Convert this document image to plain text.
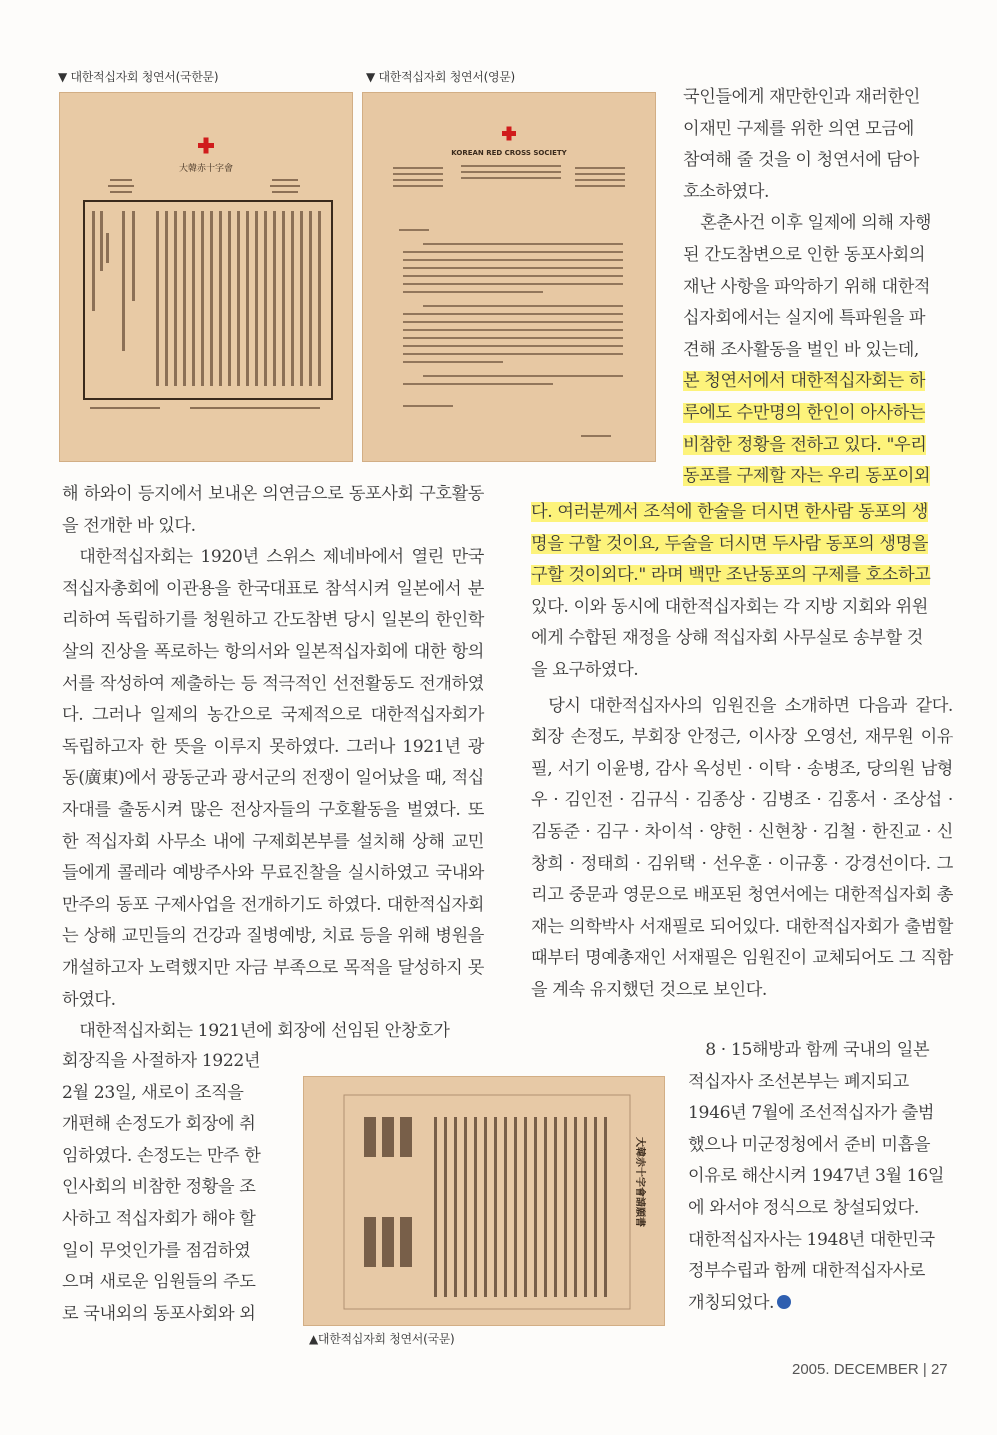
▼ 대한적십자회 청연서(국한문)	▼ 대한적십자회 청연서(영문)
大韓赤十字會
KOREAN RED CROSS SOCIETY
국인들에게 재만한인과 재러한인
이재민 구제를 위한 의연 모금에
참여해 줄 것을 이 청연서에 담아
호소하였다.
혼춘사건 이후 일제에 의해 자행
된 간도참변으로 인한 동포사회의
재난 사항을 파악하기 위해 대한적
십자회에서는 실지에 특파원을 파
견해 조사활동을 벌인 바 있는데,
본 청연서에서 대한적십자회는 하
루에도 수만명의 한인이 아사하는
비참한 정황을 전하고 있다. "우리
동포를 구제할 자는 우리 동포이외

해 하와이 등지에서 보내온 의연금으로 동포사회 구호활동을 전개한 바 있다.

대한적십자회는 1920년 스위스 제네바에서 열린 만국적십자총회에 이관용을 한국대표로 참석시켜 일본에서 분리하여 독립하기를 청원하고 간도참변 당시 일본의 한인학살의 진상을 폭로하는 항의서와 일본적십자회에 대한 항의서를 작성하여 제출하는 등 적극적인 선전활동도 전개하였다. 그러나 일제의 농간으로 국제적으로 대한적십자회가 독립하고자 한 뜻을 이루지 못하였다. 그러나 1921년 광동(廣東)에서 광동군과 광서군의 전쟁이 일어났을 때, 적십자대를 출동시켜 많은 전상자들의 구호활동을 벌였다. 또한 적십자회 사무소 내에 구제회본부를 설치해 상해 교민들에게 콜레라 예방주사와 무료진찰을 실시하였고 국내와 만주의 동포 구제사업을 전개하기도 하였다. 대한적십자회는 상해 교민들의 건강과 질병예방, 치료 등을 위해 병원을 개설하고자 노력했지만 자금 부족으로 목적을 달성하지 못하였다.

대한적십자회는 1921년에 회장에 선임된 안창호가

회장직을 사절하자 1922년
2월 23일, 새로이 조직을
개편해 손정도가 회장에 취
임하였다. 손정도는 만주 한
인사회의 비참한 정황을 조
사하고 적십자회가 해야 할
일이 무엇인가를 점검하였
으며 새로운 임원들의 주도
로 국내외의 동포사회와 외
다. 여러분께서 조석에 한술을 더시면 한사람 동포의 생
명을 구할 것이요, 두술을 더시면 두사람 동포의 생명을
구할 것이외다." 라며 백만 조난동포의 구제를 호소하고
있다. 이와 동시에 대한적십자회는 각 지방 지회와 위원
에게 수합된 재정을 상해 적십자회 사무실로 송부할 것
을 요구하였다.

당시 대한적십자사의 임원진을 소개하면 다음과 같다. 회장 손정도, 부회장 안정근, 이사장 오영선, 재무원 이유필, 서기 이윤병, 감사 옥성빈 · 이탁 · 송병조, 당의원 남형우 · 김인전 · 김규식 · 김종상 · 김병조 · 김홍서 · 조상섭 · 김동준 · 김구 · 차이석 · 양헌 · 신현창 · 김철 · 한진교 · 신창희 · 정태희 · 김위택 · 선우훈 · 이규홍 · 강경선이다. 그리고 중문과 영문으로 배포된 청연서에는 대한적십자회 총재는 의학박사 서재필로 되어있다. 대한적십자회가 출범할 때부터 명예총재인 서재필은 임원진이 교체되어도 그 직함을 계속 유지했던 것으로 보인다.

8 · 15해방과 함께 국내의 일본
적십자사 조선본부는 폐지되고
1946년 7월에 조선적십자가 출범
했으나 미군정청에서 준비 미흡을
이유로 해산시켜 1947년 3월 16일
에 와서야 정식으로 창설되었다.
대한적십자사는 1948년 대한민국
정부수립과 함께 대한적십자사로
개칭되었다.
大韓赤十字會請願書
▲대한적십자회 청연서(국문)
2005. DECEMBER | 27
